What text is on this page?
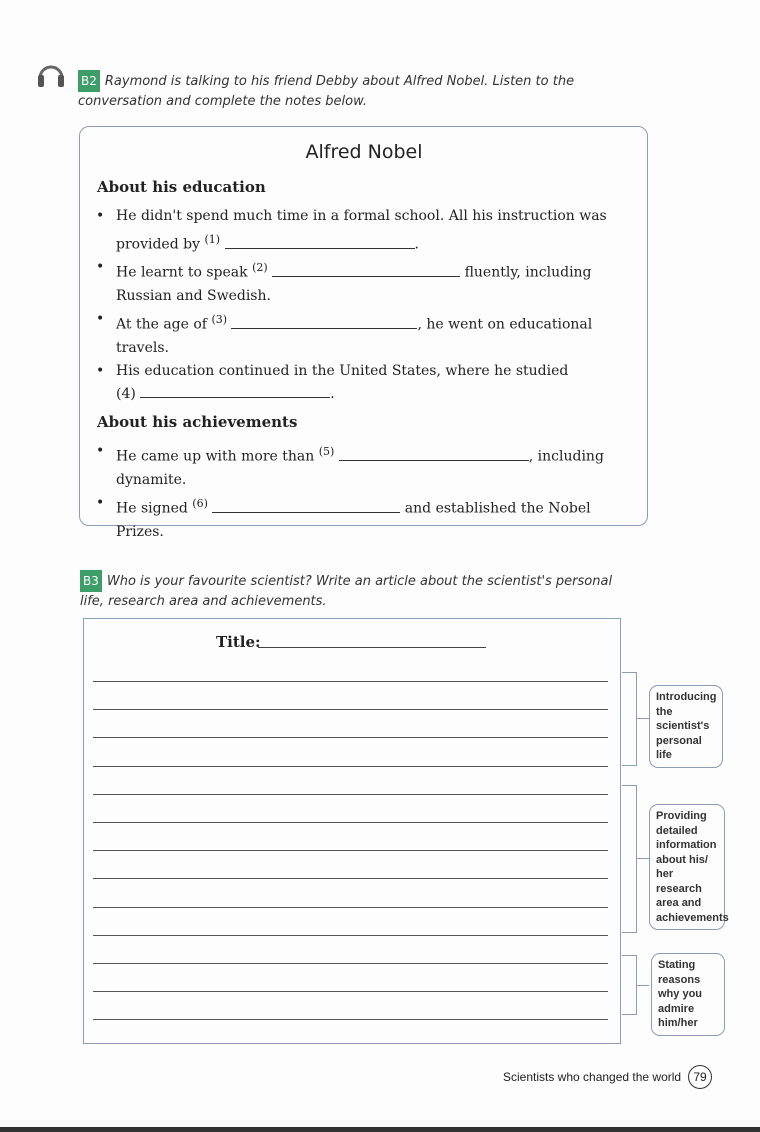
B2 Raymond is talking to his friend Debby about Alfred Nobel. Listen to the conversation and complete the notes below.
Alfred Nobel
About his education
• He didn't spend much time in a formal school. All his instruction was provided by $^{(1)}$	.
• He learnt to speak $^{(2)}$	fluently, including Russian and Swedish.
• At the age of $^{(3)}$	, he went on educational travels.
• His education continued in the United States, where he studied
(4)	.
About his achievements
• He came up with more than $^{(5)}$	, including dynamite.
• He signed $^{(6)}$	and established the Nobel Prizes.
B3 Who is your favourite scientist? Write an article about the scientist's personal life, research area and achievements.
Title:
Introducing the scientist's personal life
Providing detailed information about his/ her research area and achievements
Stating reasons why you admire him/her
Scientists who changed the world	79
